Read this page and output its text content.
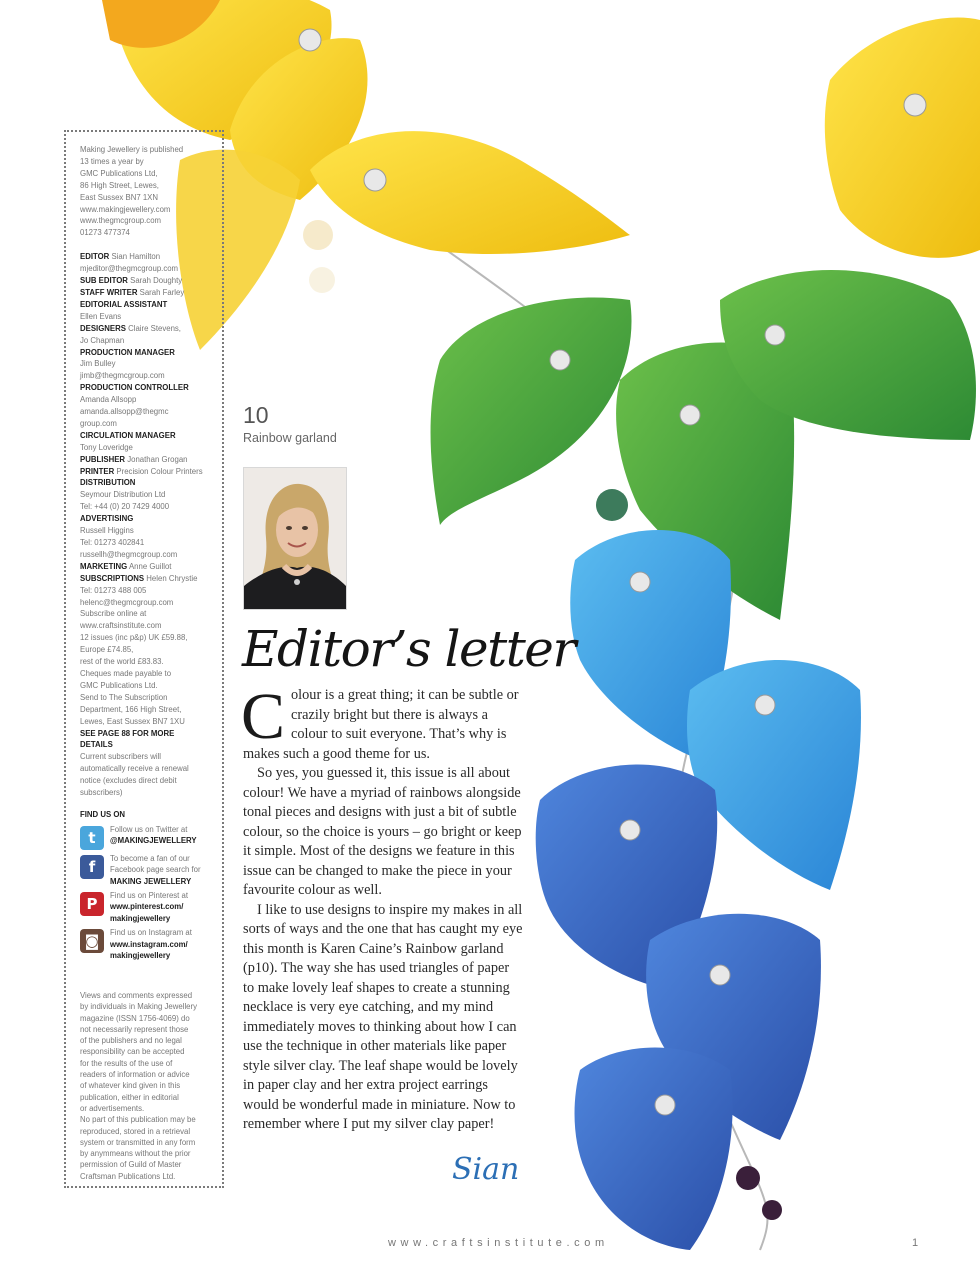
Making Jewellery is published

13 times a year by

GMC Publications Ltd,

86 High Street, Lewes,

East Sussex BN7 1XN

www.makingjewellery.com

www.thegmcgroup.com

01273 477374

EDITOR Sian Hamilton

mjeditor@thegmcgroup.com

SUB EDITOR Sarah Doughty

STAFF WRITER Sarah Farley

EDITORIAL ASSISTANT

Ellen Evans

DESIGNERS Claire Stevens,

Jo Chapman

PRODUCTION MANAGER

Jim Bulley

jimb@thegmcgroup.com

PRODUCTION CONTROLLER

Amanda Allsopp

amanda.allsopp@thegmc

group.com

CIRCULATION MANAGER

Tony Loveridge

PUBLISHER Jonathan Grogan

PRINTER Precision Colour Printers

DISTRIBUTION

Seymour Distribution Ltd

Tel: +44 (0) 20 7429 4000

ADVERTISING

Russell Higgins

Tel: 01273 402841

russellh@thegmcgroup.com

MARKETING Anne Guillot

SUBSCRIPTIONS Helen Chrystie

Tel: 01273 488 005

helenc@thegmcgroup.com

Subscribe online at

www.craftsinstitute.com

12 issues (inc p&p) UK £59.88,

Europe £74.85,

rest of the world £83.83.

Cheques made payable to

GMC Publications Ltd.

Send to The Subscription

Department, 166 High Street,

Lewes, East Sussex BN7 1XU

SEE PAGE 88 FOR MORE

DETAILS

Current subscribers will

automatically receive a renewal

notice (excludes direct debit

subscribers)

FIND US ON

t	Follow us on Twitter at
@MAKINGJEWELLERY
f	To become a fan of our
Facebook page search for
MAKING JEWELLERY
P	Find us on Pinterest at
www.pinterest.com/
makingjewellery
◙	Find us on Instagram at
www.instagram.com/
makingjewellery

Views and comments expressed

by individuals in Making Jewellery

magazine (ISSN 1756-4069) do

not necessarily represent those

of the publishers and no legal

responsibility can be accepted

for the results of the use of

readers of information or advice

of whatever kind given in this

publication, either in editorial

or advertisements.

No part of this publication may be

reproduced, stored in a retrieval

system or transmitted in any form

by anymmeans without the prior

permission of Guild of Master

Craftsman Publications Ltd.

10
Rainbow garland
Editor’s letter

Colour is a great thing; it can be subtle or crazily bright but there is always a colour to suit everyone. That’s why is makes such a good theme for us.

So yes, you guessed it, this issue is all about colour! We have a myriad of rainbows alongside tonal pieces and designs with just a bit of subtle colour, so the choice is yours – go bright or keep it simple. Most of the designs we feature in this issue can be changed to make the piece in your favourite colour as well.

I like to use designs to inspire my makes in all sorts of ways and the one that has caught my eye this month is Karen Caine’s Rainbow garland (p10). The way she has used triangles of paper to make lovely leaf shapes to create a stunning necklace is very eye catching, and my mind immediately moves to thinking about how I can use the technique in other materials like paper style silver clay. The leaf shape would be lovely in paper clay and her extra project earrings would be wonderful made in miniature. Now to remember where I put my silver clay paper!

Sian
www.craftsinstitute.com	1
